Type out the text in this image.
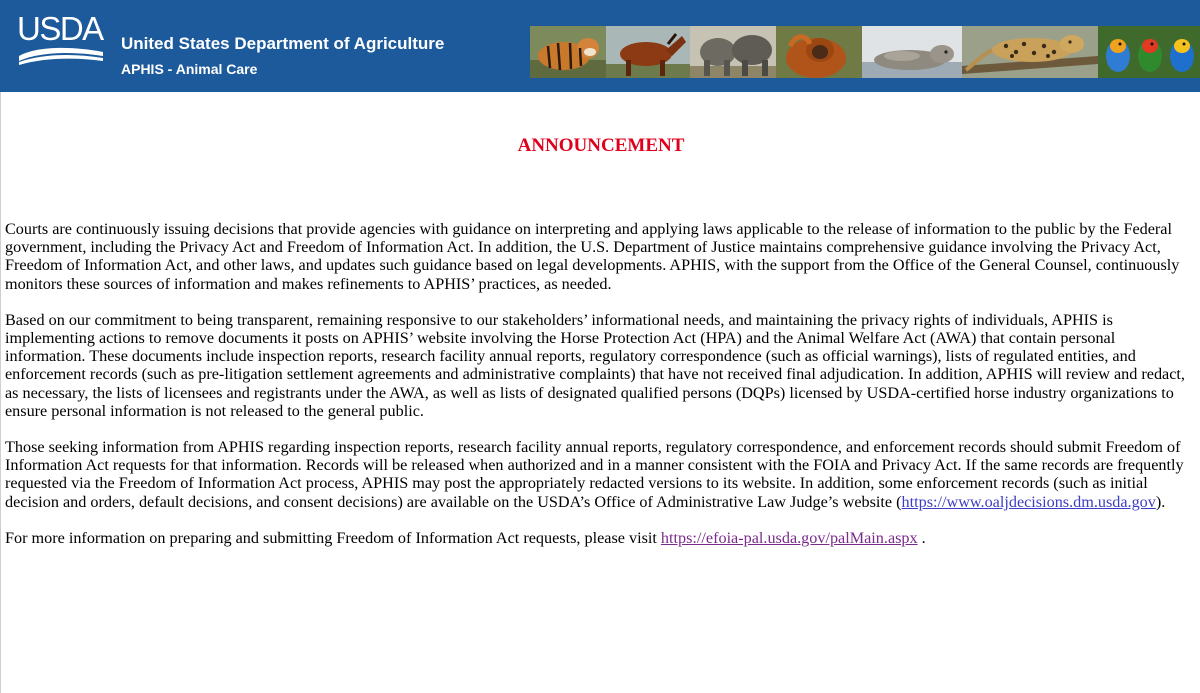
USDA United States Department of Agriculture
APHIS - Animal Care
ANNOUNCEMENT

Courts are continuously issuing decisions that provide agencies with guidance on interpreting and applying laws applicable to the release of information to the public by the Federal government, including the Privacy Act and Freedom of Information Act. In addition, the U.S. Department of Justice maintains comprehensive guidance involving the Privacy Act, Freedom of Information Act, and other laws, and updates such guidance based on legal developments. APHIS, with the support from the Office of the General Counsel, continuously monitors these sources of information and makes refinements to APHIS’ practices, as needed.

Based on our commitment to being transparent, remaining responsive to our stakeholders’ informational needs, and maintaining the privacy rights of individuals, APHIS is implementing actions to remove documents it posts on APHIS’ website involving the Horse Protection Act (HPA) and the Animal Welfare Act (AWA) that contain personal information. These documents include inspection reports, research facility annual reports, regulatory correspondence (such as official warnings), lists of regulated entities, and enforcement records (such as pre-litigation settlement agreements and administrative complaints) that have not received final adjudication. In addition, APHIS will review and redact, as necessary, the lists of licensees and registrants under the AWA, as well as lists of designated qualified persons (DQPs) licensed by USDA-certified horse industry organizations to ensure personal information is not released to the general public.

Those seeking information from APHIS regarding inspection reports, research facility annual reports, regulatory correspondence, and enforcement records should submit Freedom of Information Act requests for that information. Records will be released when authorized and in a manner consistent with the FOIA and Privacy Act. If the same records are frequently requested via the Freedom of Information Act process, APHIS may post the appropriately redacted versions to its website. In addition, some enforcement records (such as initial decision and orders, default decisions, and consent decisions) are available on the USDA’s Office of Administrative Law Judge’s website (https://www.oaljdecisions.dm.usda.gov).

For more information on preparing and submitting Freedom of Information Act requests, please visit https://efoia-pal.usda.gov/palMain.aspx .
